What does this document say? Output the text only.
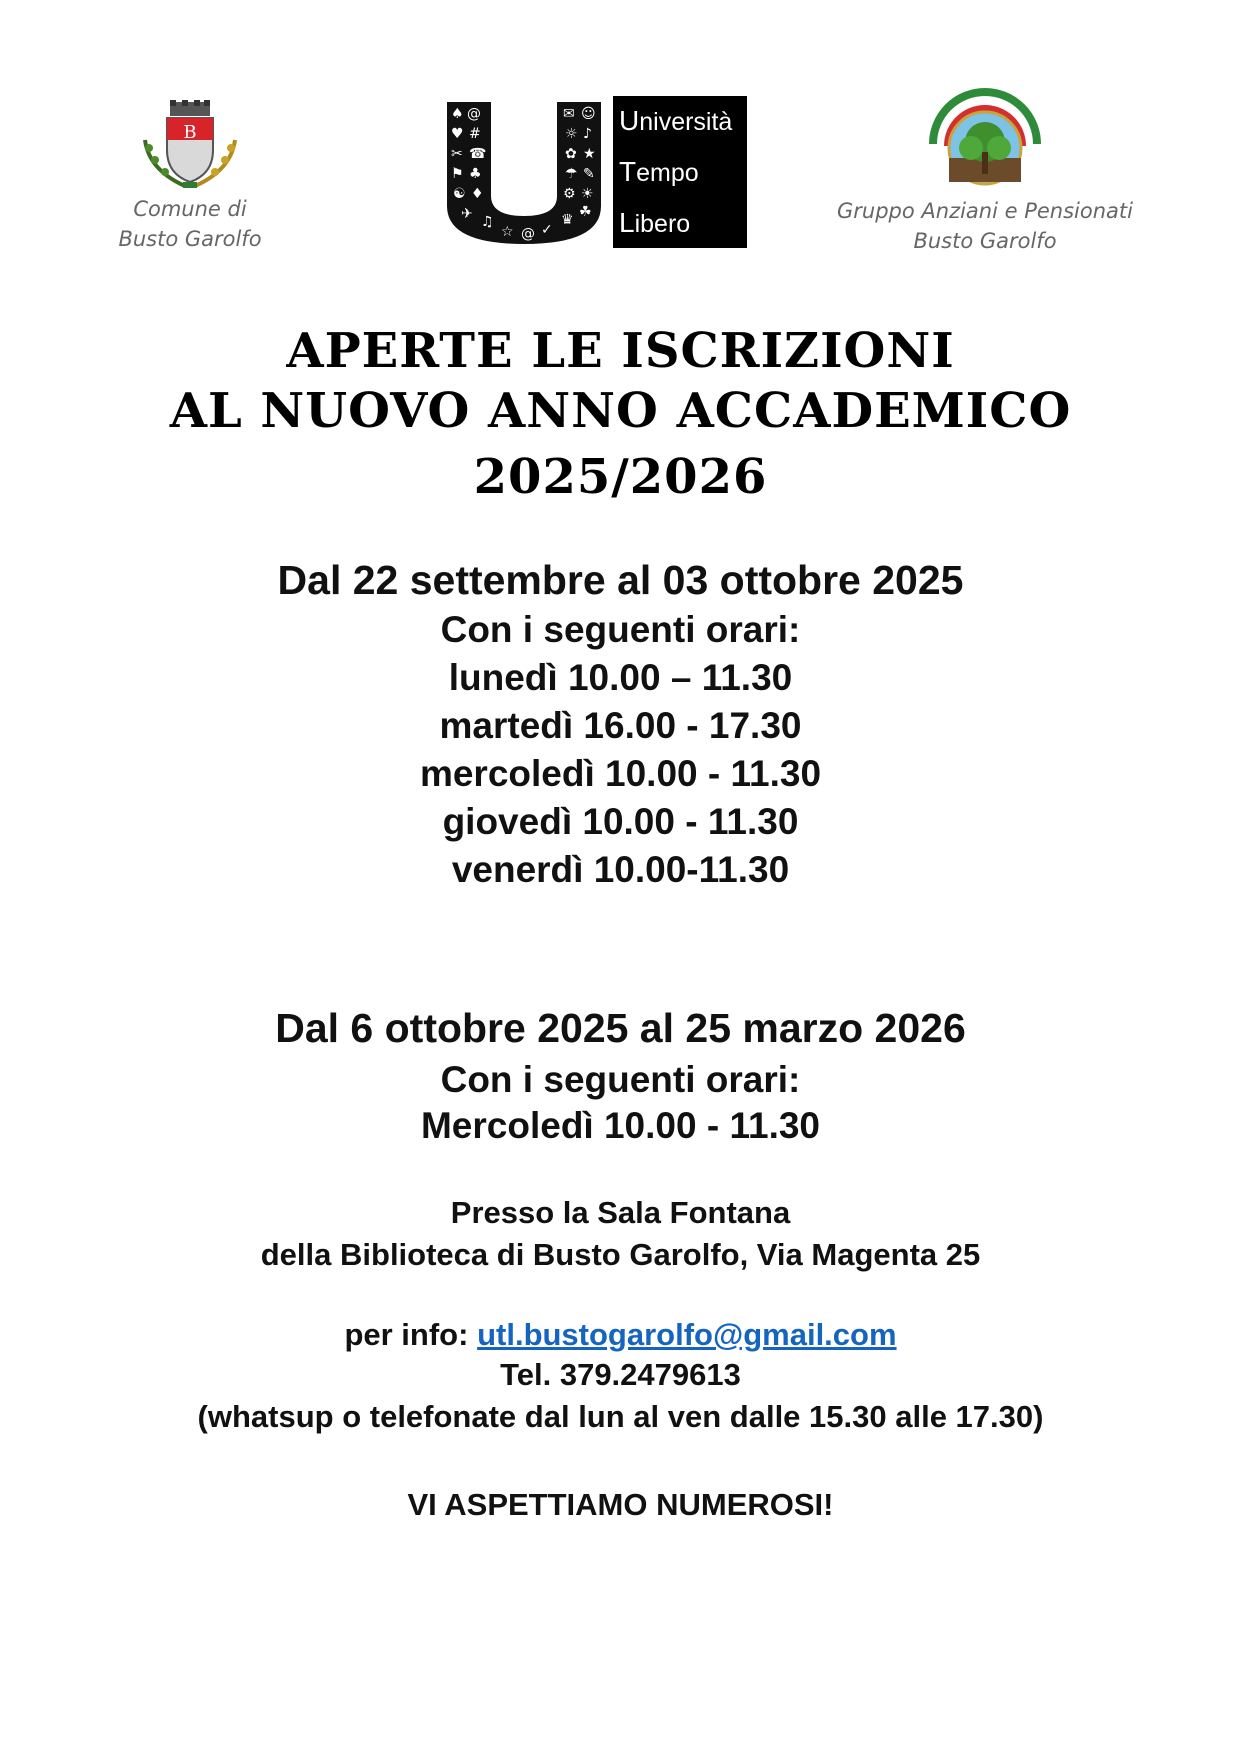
B
Comune di
Busto Garolfo
♠ @	✉ ☺
♥ #	☼ ♪
✂ ☎	✿ ★
⚑ ♣	☂ ✎
☯ ♦	⚙ ☀
✈ ♫
☆ @ ✓
♛ ☘
Università
Tempo
Libero	Gruppo Anziani e Pensionati
Busto Garolfo
APERTE LE ISCRIZIONI
AL NUOVO ANNO ACCADEMICO
2025/2026
Dal 22 settembre al 03 ottobre 2025
Con i seguenti orari:
lunedì 10.00 – 11.30
martedì 16.00 - 17.30
mercoledì 10.00 - 11.30
giovedì 10.00 - 11.30
venerdì 10.00-11.30
Dal 6 ottobre 2025 al 25 marzo 2026
Con i seguenti orari:
Mercoledì 10.00 - 11.30
Presso la Sala Fontana
della Biblioteca di Busto Garolfo, Via Magenta 25
per info: utl.bustogarolfo@gmail.com
Tel. 379.2479613
(whatsup o telefonate dal lun al ven dalle 15.30 alle 17.30)
VI ASPETTIAMO NUMEROSI!
